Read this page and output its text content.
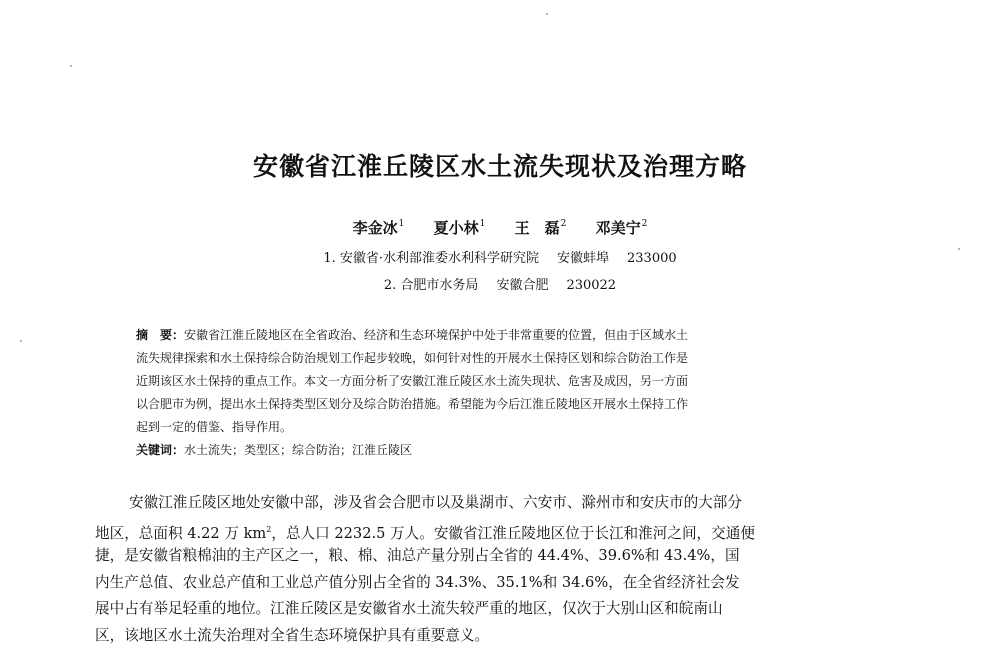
安徽省江淮丘陵区水土流失现状及治理方略
李金冰$^1$ 夏小林$^1$ 王　磊$^2$ 邓美宁$^2$
1. 安徽省·水利部淮委水利科学研究院 安徽蚌埠 233000
2. 合肥市水务局 安徽合肥 230022
摘　要：安徽省江淮丘陵地区在全省政治、经济和生态环境保护中处于非常重要的位置，但由于区域水土
流失规律探索和水土保持综合防治规划工作起步较晚，如何针对性的开展水土保持区划和综合防治工作是
近期该区水土保持的重点工作。本文一方面分析了安徽江淮丘陵区水土流失现状、危害及成因，另一方面
以合肥市为例，提出水土保持类型区划分及综合防治措施。希望能为今后江淮丘陵地区开展水土保持工作
起到一定的借鉴、指导作用。
关键词：水土流失；类型区；综合防治；江淮丘陵区
安徽江淮丘陵区地处安徽中部，涉及省会合肥市以及巢湖市、六安市、滁州市和安庆市的大部分
地区，总面积 4.22 万 $km^2$，总人口 2232.5 万人。安徽省江淮丘陵地区位于长江和淮河之间，交通便
捷，是安徽省粮棉油的主产区之一，粮、棉、油总产量分别占全省的 44.4%、39.6%和 43.4%，国
内生产总值、农业总产值和工业总产值分别占全省的 34.3%、35.1%和 34.6%，在全省经济社会发
展中占有举足轻重的地位。江淮丘陵区是安徽省水土流失较严重的地区，仅次于大别山区和皖南山
区，该地区水土流失治理对全省生态环境保护具有重要意义。
